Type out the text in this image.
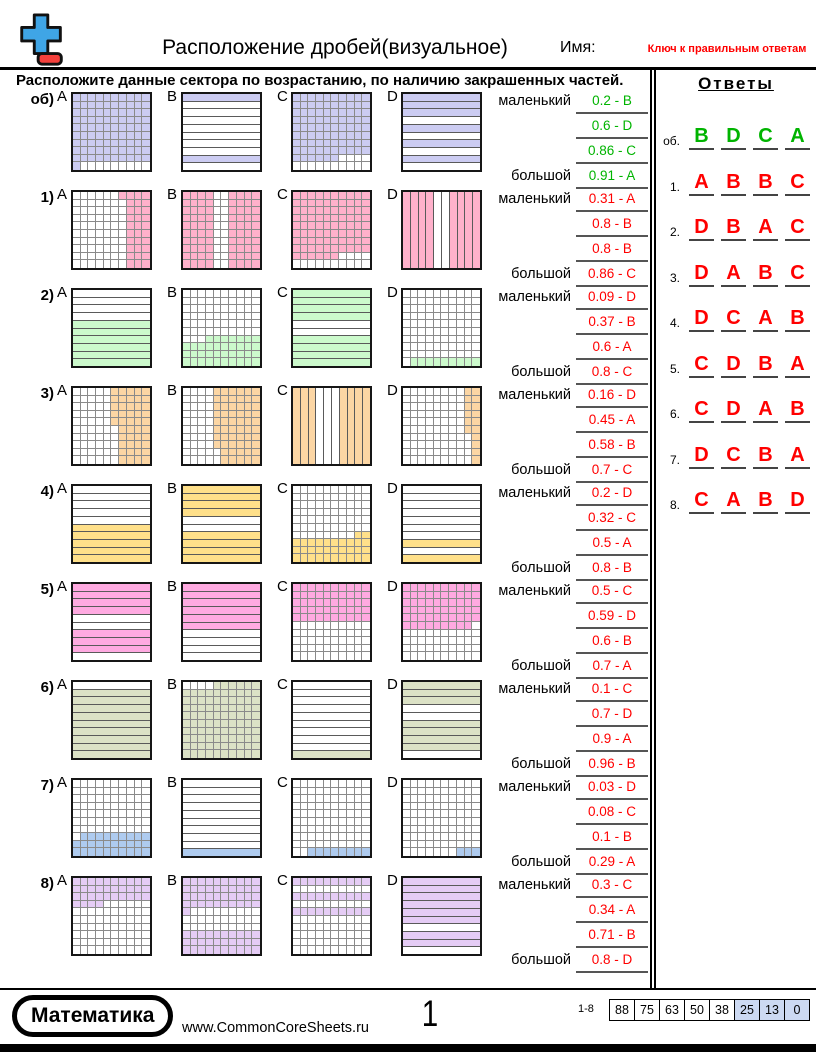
Расположение дробей(визуальное)	Имя:	Ключ к правильным ответам
Расположите данные сектора по возрастанию, по наличию закрашенных частей.
об) A	B	C	D	0.2 - B
0.6 - D
0.86 - C
0.91 - A
маленький
большой
1) A	B	C	D	0.31 - A
0.8 - B
0.8 - B
0.86 - C
маленький
большой
2) A	B	C	D	0.09 - D
0.37 - B
0.6 - A
0.8 - C
маленький
большой
3) A	B	C	D	0.16 - D
0.45 - A
0.58 - B
0.7 - C
маленький
большой
4) A	B	C	D	0.2 - D
0.32 - C
0.5 - A
0.8 - B
маленький
большой
5) A	B	C	D	0.5 - C
0.59 - D
0.6 - B
0.7 - A
маленький
большой
6) A	B	C	D	0.1 - C
0.7 - D
0.9 - A
0.96 - B
маленький
большой
7) A	B	C	D	0.03 - D
0.08 - C
0.1 - B
0.29 - A
маленький
большой
8) A	B	C	D	0.3 - C
0.34 - A
0.71 - B
0.8 - D
маленький
большой
Ответы
об. B D C A
1. A B B C
2. D B A C
3. D A B C
4. D C A B
5. C D B A
6. C D A B
7. D C B A
8. C A B D
Математика
www.CommonCoreSheets.ru	1	1-8	88 75 63 50 38 25 13	0
